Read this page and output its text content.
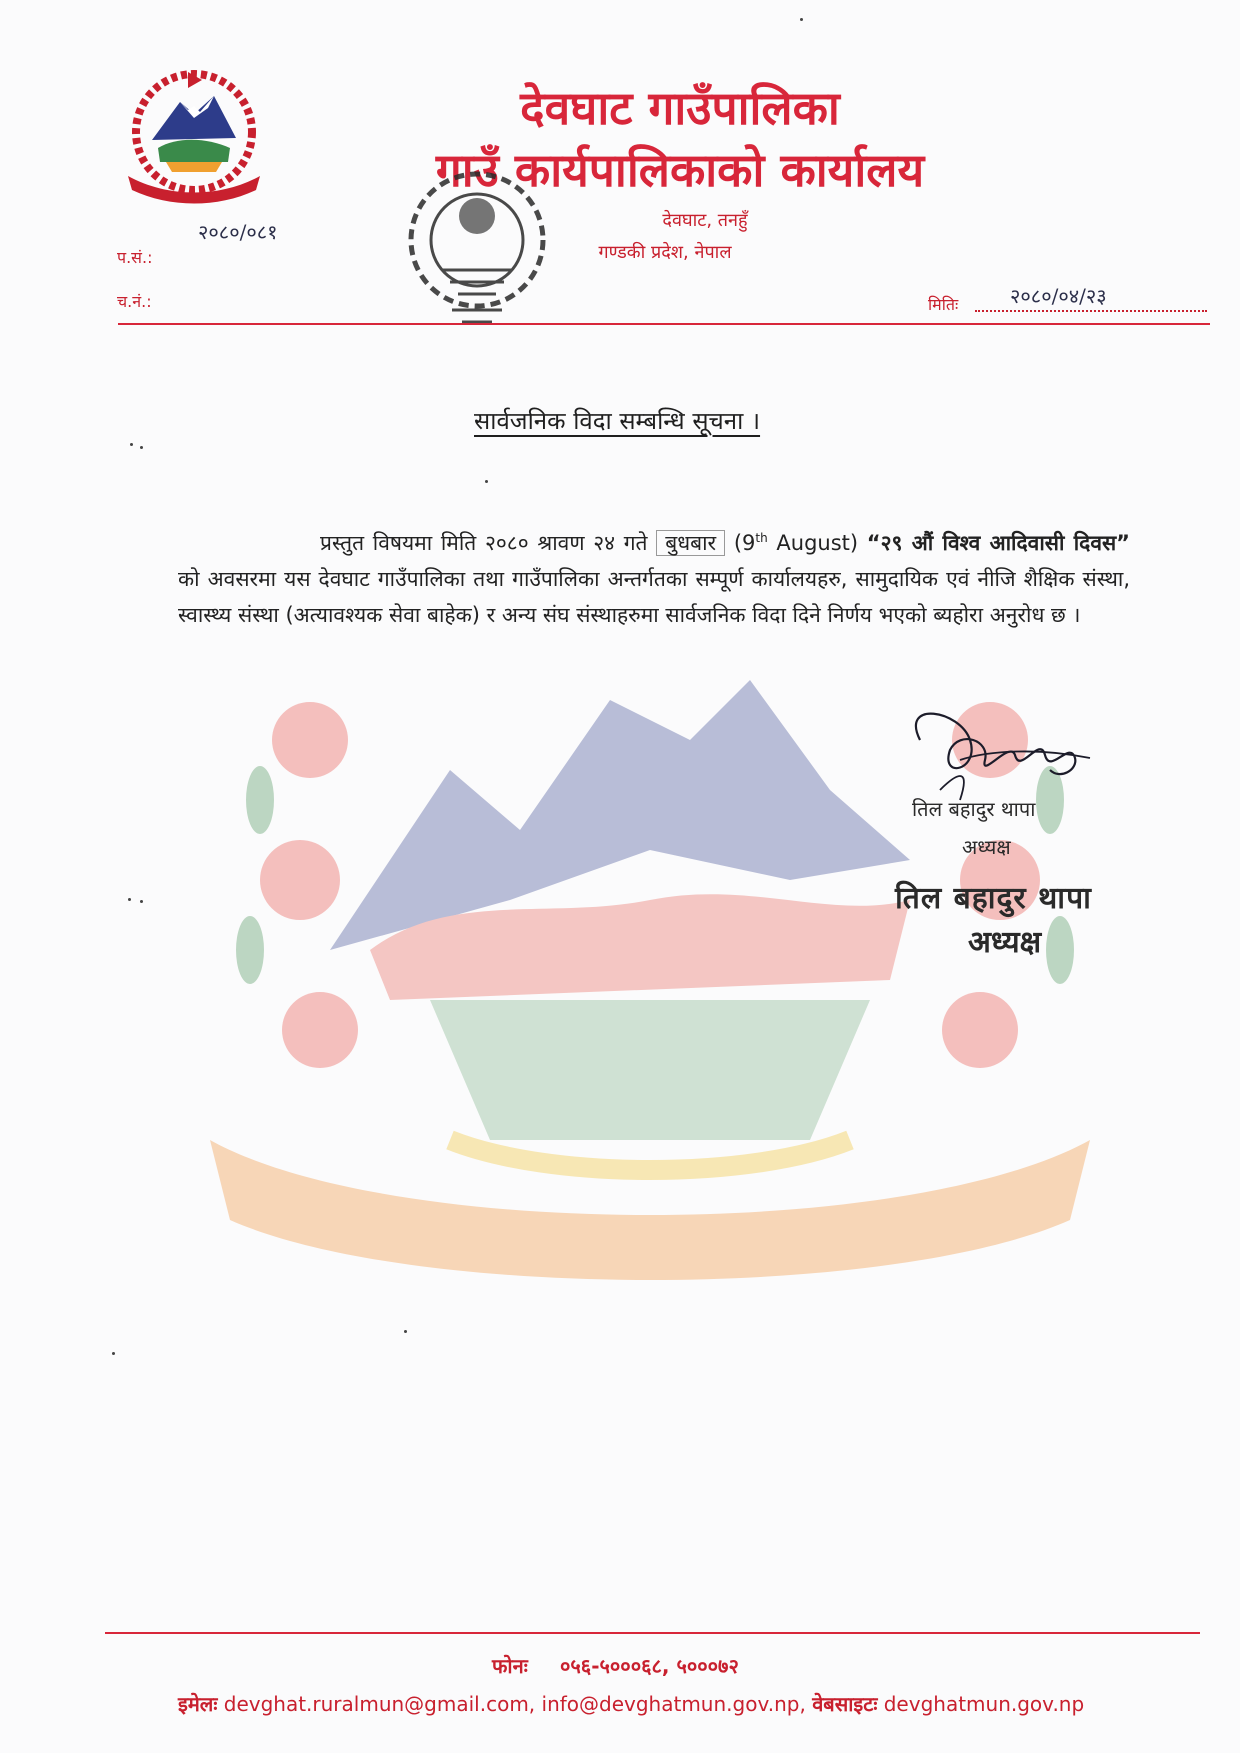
देवघाट गाउँपालिका
गाउँ कार्यपालिकाको कार्यालय
देवघाट, तनहुँ
गण्डकी प्रदेश, नेपाल
प.सं.:
२०८०/०८१
च.नं.:	मितिः	२०८०/०४/२३
सार्वजनिक विदा सम्बन्धि सूचना ।
प्रस्तुत विषयमा मिति २०८० श्रावण २४ गते बुधबार (9th August) “२९ औं विश्व आदिवासी दिवस” को अवसरमा यस देवघाट गाउँपालिका तथा गाउँपालिका अन्तर्गतका सम्पूर्ण कार्यालयहरु, सामुदायिक एवं नीजि शैक्षिक संस्था, स्वास्थ्य संस्था (अत्यावश्यक सेवा बाहेक) र अन्य संघ संस्थाहरुमा सार्वजनिक विदा दिने निर्णय भएको ब्यहोरा अनुरोध छ ।
तिल बहादुर थापा
अध्यक्ष
तिल बहादुर थापा
अध्यक्ष
फोनः ०५६-५०००६८, ५०००७२
इमेलः devghat.ruralmun@gmail.com, info@devghatmun.gov.np, वेबसाइटः devghatmun.gov.np
